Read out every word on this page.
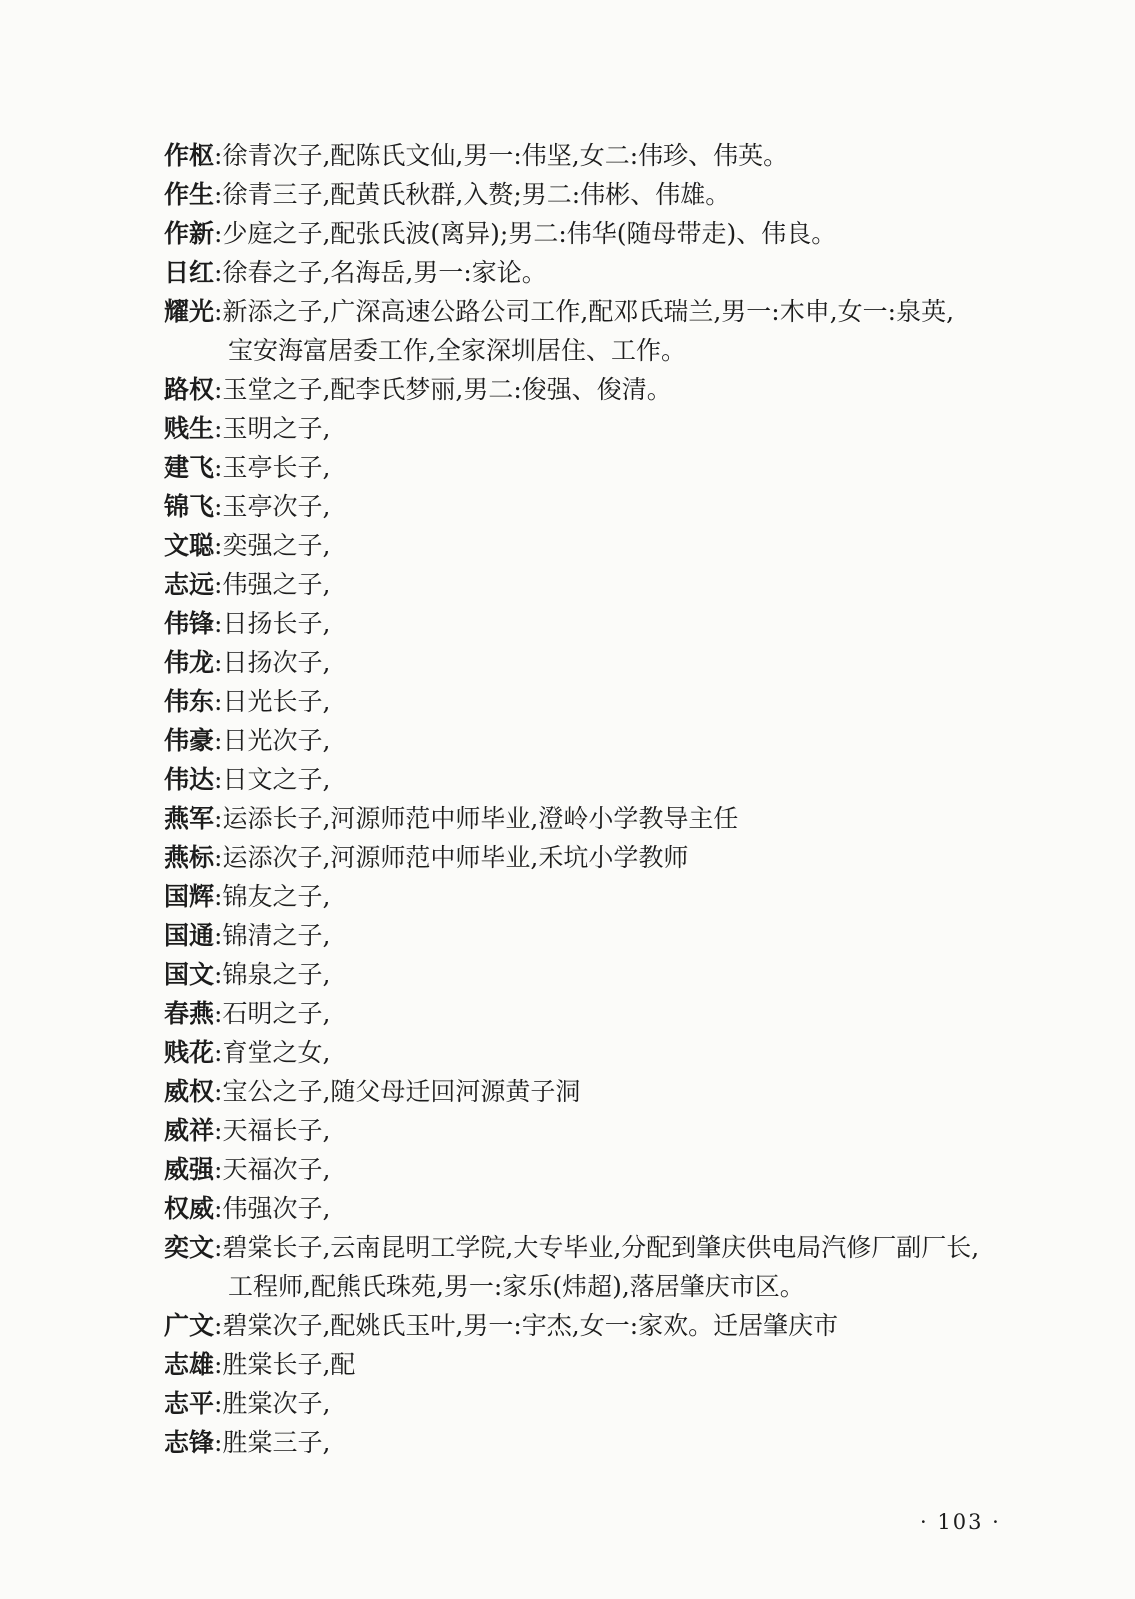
作枢 : 徐青次子,配陈氏文仙,男一:伟坚,女二:伟珍、伟英。
作生 : 徐青三子,配黄氏秋群,入赘;男二:伟彬、伟雄。
作新 : 少庭之子,配张氏波(离异);男二:伟华(随母带走)、伟良。
日红 : 徐春之子,名海岳,男一:家论。
耀光 : 新添之子,广深高速公路公司工作,配邓氏瑞兰,男一:木申,女一:泉英,
宝安海富居委工作,全家深圳居住、工作。
路权 : 玉堂之子,配李氏梦丽,男二:俊强、俊清。
贱生 : 玉明之子,
建飞 : 玉亭长子,
锦飞 : 玉亭次子,
文聪 : 奕强之子,
志远 : 伟强之子,
伟锋 : 日扬长子,
伟龙 : 日扬次子,
伟东 : 日光长子,
伟豪 : 日光次子,
伟达 : 日文之子,
燕军 : 运添长子,河源师范中师毕业,澄岭小学教导主任
燕标 : 运添次子,河源师范中师毕业,禾坑小学教师
国辉 : 锦友之子,
国通 : 锦清之子,
国文 : 锦泉之子,
春燕 : 石明之子,
贱花 : 育堂之女,
威权 : 宝公之子,随父母迁回河源黄子洞
威祥 : 天福长子,
威强 : 天福次子,
权威 : 伟强次子,
奕文 : 碧棠长子,云南昆明工学院,大专毕业,分配到肇庆供电局汽修厂副厂长,
工程师,配熊氏珠苑,男一:家乐(炜超),落居肇庆市区。
广文 : 碧棠次子,配姚氏玉叶,男一:宇杰,女一:家欢。迁居肇庆市
志雄 : 胜棠长子,配
志平 : 胜棠次子,
志锋 : 胜棠三子,
· 103 ·
